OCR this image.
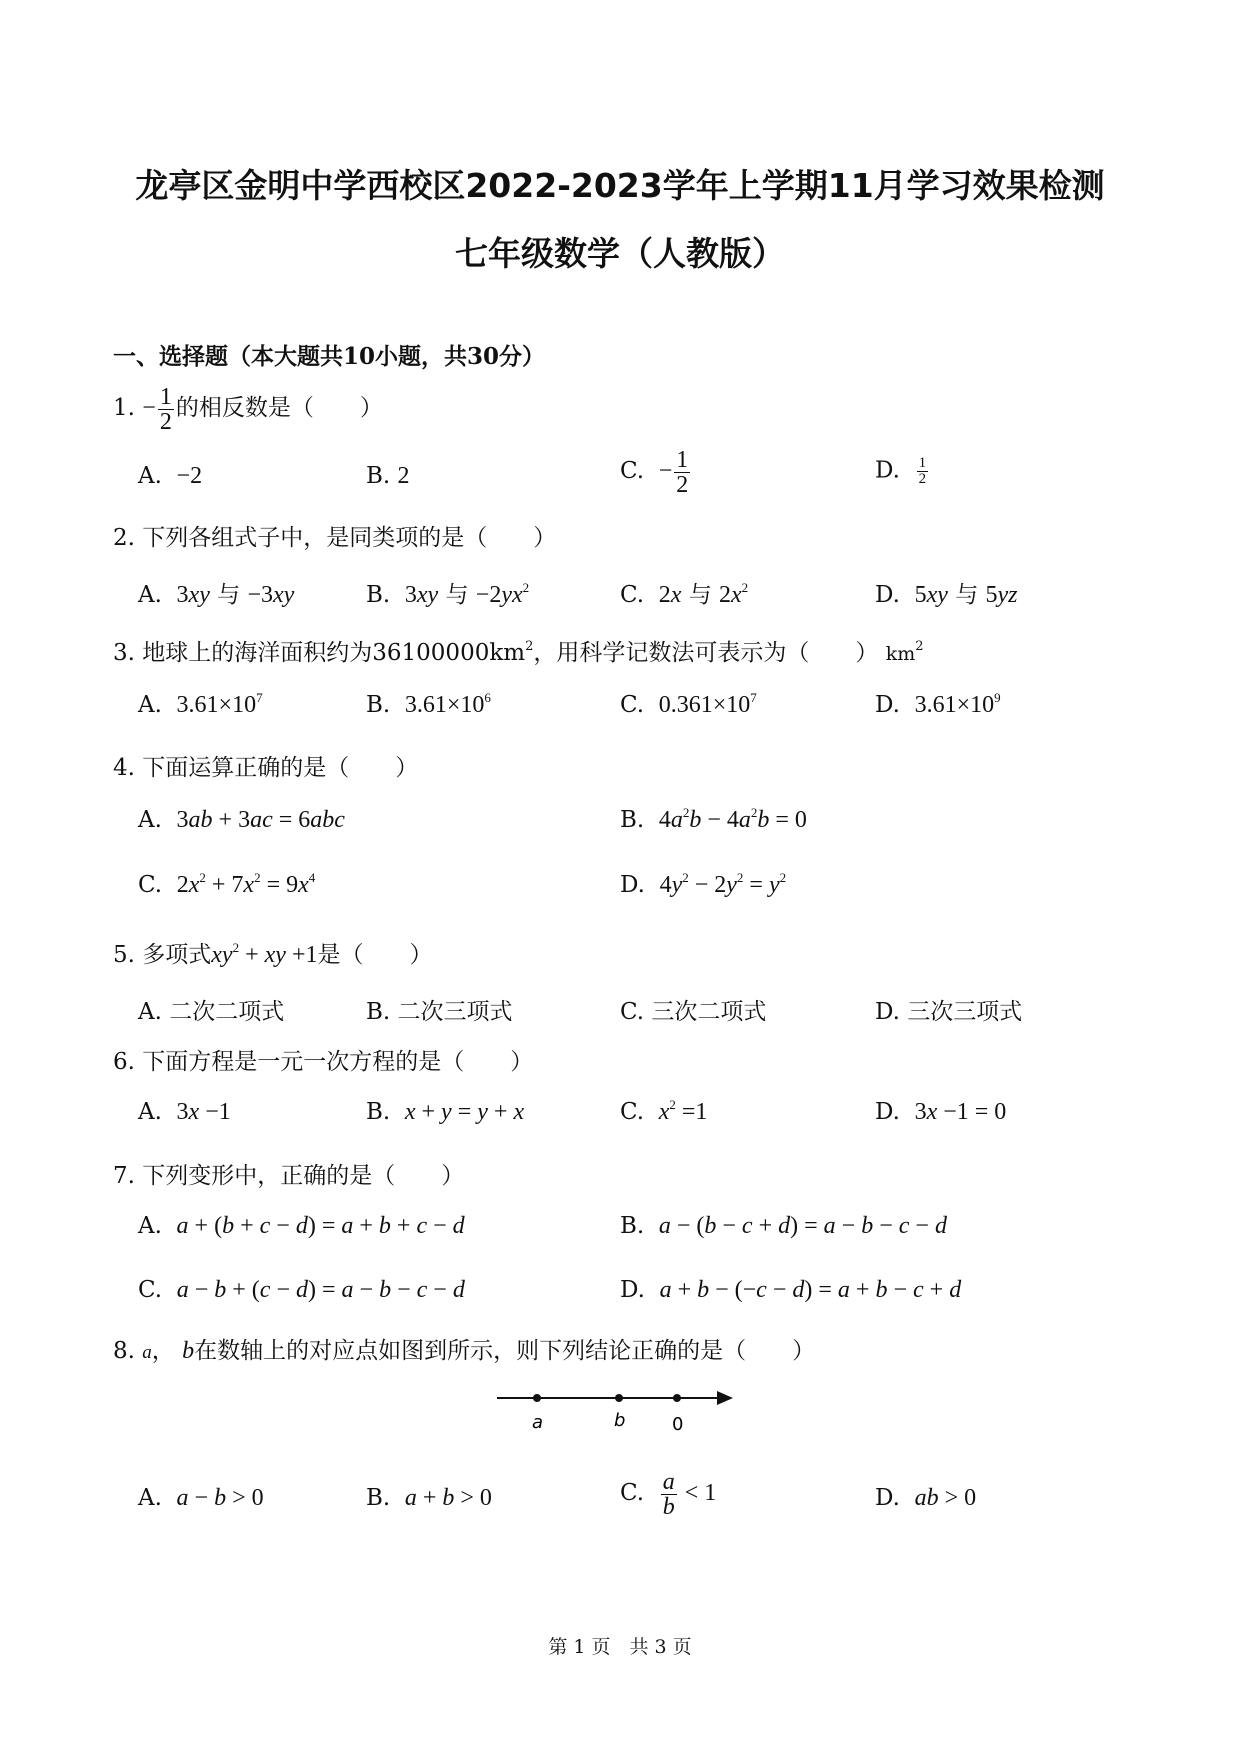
龙亭区金明中学西校区2022-2023学年上学期11月学习效果检测
七年级数学（人教版）
一、选择题（本大题共10小题，共30分）
1. − $\frac{1}{2}$ 的相反数是（ ）
A. −2	B. 2	C. − $\frac{1}{2}$	D. $\frac{1}{2}$
2. 下列各组式子中，是同类项的是（ ）
A. 3xy 与 −3xy	B. 3xy 与 $-2yx^2$	C. 2x 与 $2x^2$	D. 5xy 与 5yz
3. 地球上的海洋面积约为$36100000km^2$，用科学记数法可表示为（ ） $km^2$
A. $3.61\times 10^7$	B. $3.61\times 10^6$	C. $0.361\times 10^7$	D. $3.61\times 10^9$
4. 下面运算正确的是（ ）
A. 3ab + 3ac = 6abc	B. $4a^2b - 4a^2b = 0$
C. $2x^2 + 7x^2 = 9x^4$	D. $4y^2 - 2y^2 = y^2$
5. 多项式$xy^2$ + xy +1是（ ）
A. 二次二项式	B. 二次三项式	C. 三次二项式	D. 三次三项式
6. 下面方程是一元一次方程的是（ ）
A. 3x −1	B. x + y = y + x	C. $x^2 =1$	D. 3x −1 = 0
7. 下列变形中，正确的是（ ）
A. a + (b + c − d) = a + b + c − d	B. a − (b − c + d) = a − b − c − d
C. a − b + (c − d) = a − b − c − d	D. a + b − (−c − d) = a + b − c + d
8. a， b在数轴上的对应点如图到所示，则下列结论正确的是（ ）
a	b	0
A. a − b > 0	B. a + b > 0	C. $\frac{a}{b} < 1$	D. ab > 0
第 1 页　共 3 页
